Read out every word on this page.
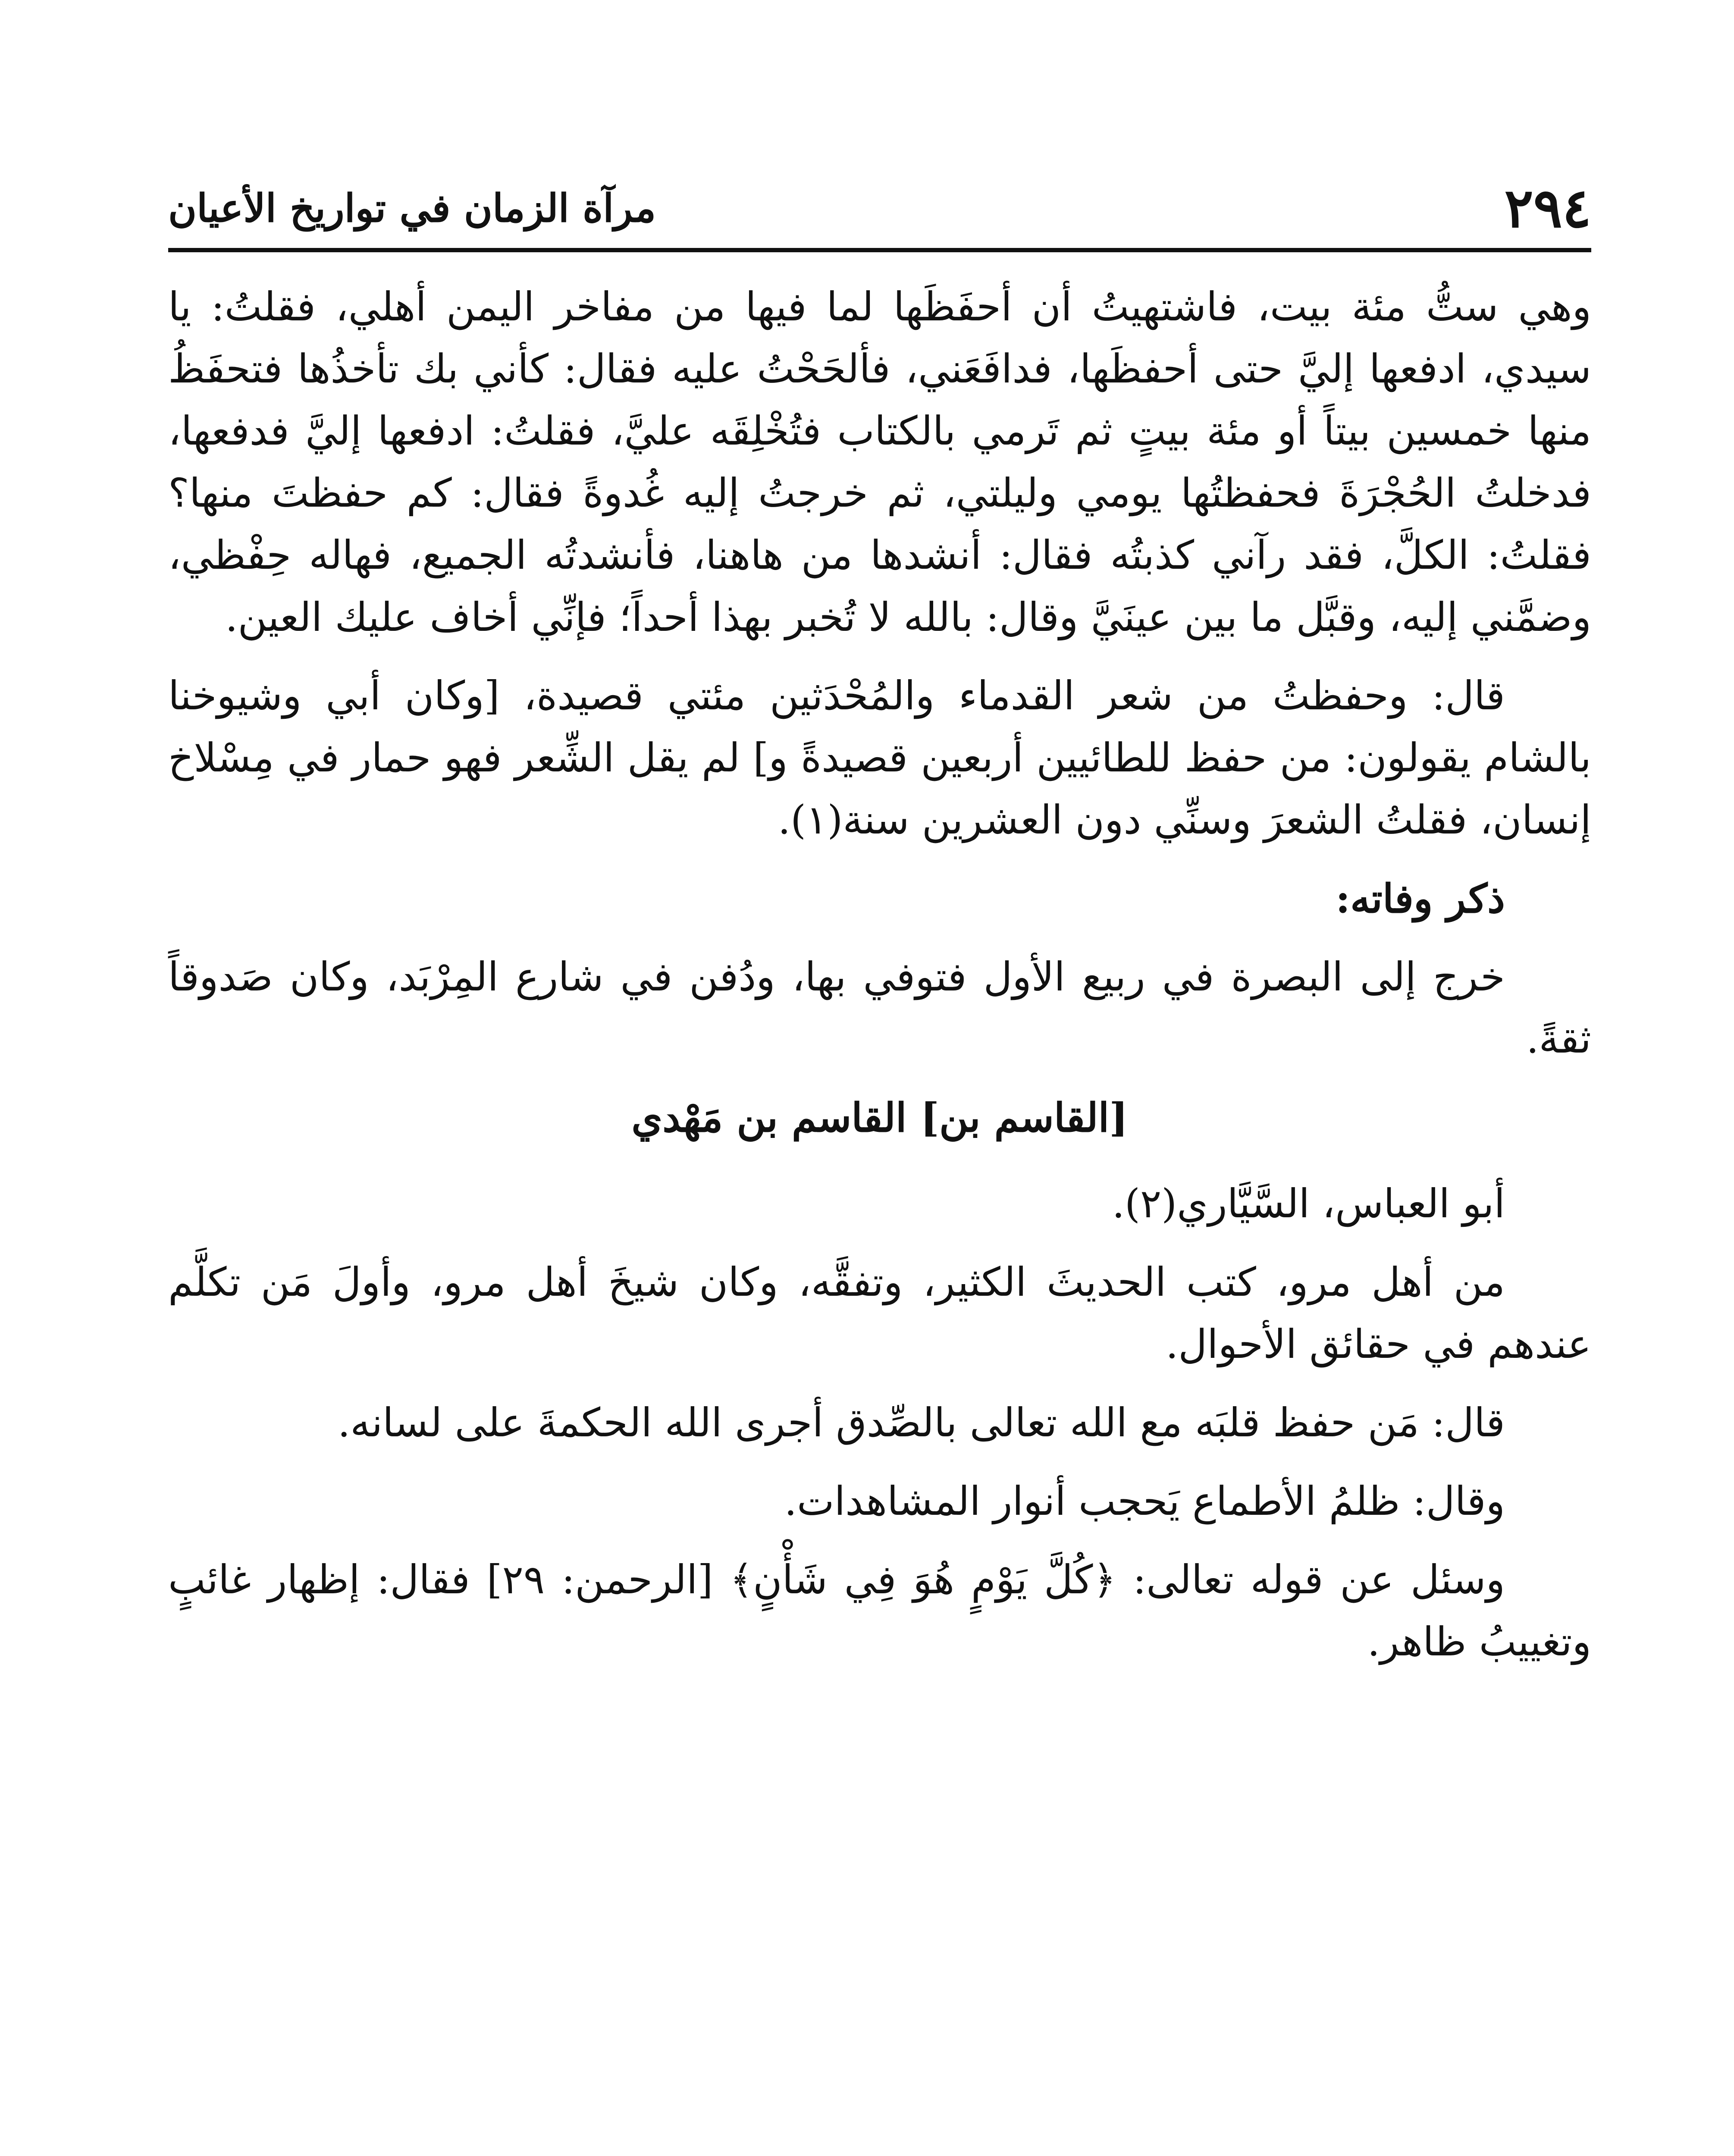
٢٩٤
مرآة الزمان في تواريخ الأعيان

وهي ستُّ مئة بيت، فاشتهيتُ أن أحفَظَها لما فيها من مفاخر اليمن أهلي، فقلتُ: يا سيدي، ادفعها إليَّ حتى أحفظَها، فدافَعَني، فألحَحْتُ عليه فقال: كأني بك تأخذُها فتحفَظُ منها خمسين بيتاً أو مئة بيتٍ ثم تَرمي بالكتاب فتُخْلِقَه عليَّ، فقلتُ: ادفعها إليَّ فدفعها، فدخلتُ الحُجْرَةَ فحفظتُها يومي وليلتي، ثم خرجتُ إليه غُدوةً فقال: كم حفظتَ منها؟ فقلتُ: الكلَّ، فقد رآني كذبتُه فقال: أنشدها من هاهنا، فأنشدتُه الجميع، فهاله حِفْظي، وضمَّني إليه، وقبَّل ما بين عينَيَّ وقال: بالله لا تُخبر بهذا أحداً؛ فإنِّي أخاف عليك العين.

قال: وحفظتُ من شعر القدماء والمُحْدَثين مئتي قصيدة، [وكان أبي وشيوخنا بالشام يقولون: من حفظ للطائيين أربعين قصيدةً و] لم يقل الشِّعر فهو حمار في مِسْلاخ إنسان، فقلتُ الشعرَ وسنِّي دون العشرين سنة(١).

ذكر وفاته:

خرج إلى البصرة في ربيع الأول فتوفي بها، ودُفن في شارع المِرْبَد، وكان صَدوقاً ثقةً.

[القاسم بن] القاسم بن مَهْدي

أبو العباس، السَّيَّاري(٢).

من أهل مرو، كتب الحديثَ الكثير، وتفقَّه، وكان شيخَ أهل مرو، وأولَ مَن تكلَّم عندهم في حقائق الأحوال.

قال: مَن حفظ قلبَه مع الله تعالى بالصِّدق أجرى الله الحكمةَ على لسانه.

وقال: ظلمُ الأطماع يَحجب أنوار المشاهدات.

وسئل عن قوله تعالى: ﴿كُلَّ يَوْمٍ هُوَ فِي شَأْنٍ﴾ [الرحمن: ٢٩] فقال: إظهار غائبٍ وتغييبُ ظاهر.
